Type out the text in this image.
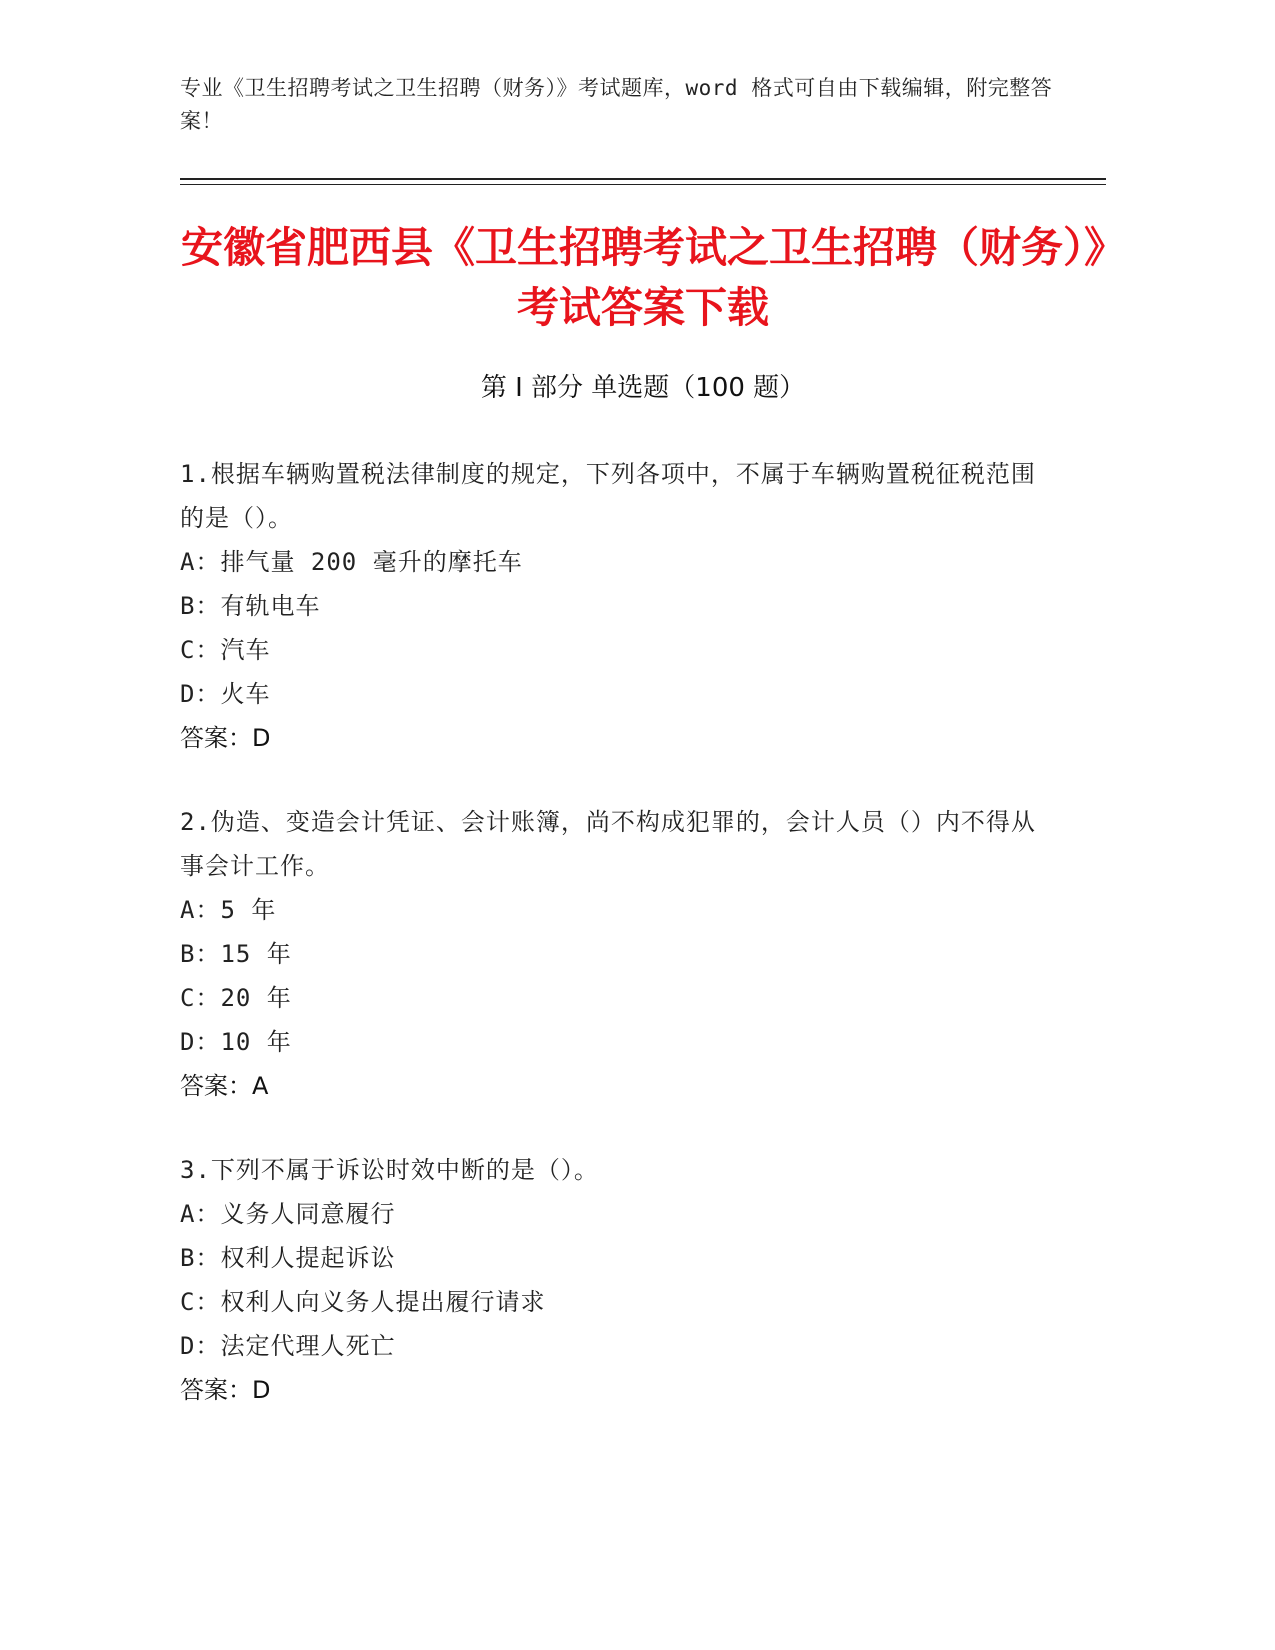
专业《卫生招聘考试之卫生招聘（财务）》考试题库，word 格式可自由下载编辑，附完整答案！
安徽省肥西县《卫生招聘考试之卫生招聘（财务）》考试答案下载
第 I 部分 单选题（100 题）
1.根据车辆购置税法律制度的规定，下列各项中，不属于车辆购置税征税范围的是（）。
A：排气量 200 毫升的摩托车
B：有轨电车
C：汽车
D：火车
答案：D
2.伪造、变造会计凭证、会计账簿，尚不构成犯罪的，会计人员（）内不得从事会计工作。
A：5 年
B：15 年
C：20 年
D：10 年
答案：A
3.下列不属于诉讼时效中断的是（）。
A：义务人同意履行
B：权利人提起诉讼
C：权利人向义务人提出履行请求
D：法定代理人死亡
答案：D
